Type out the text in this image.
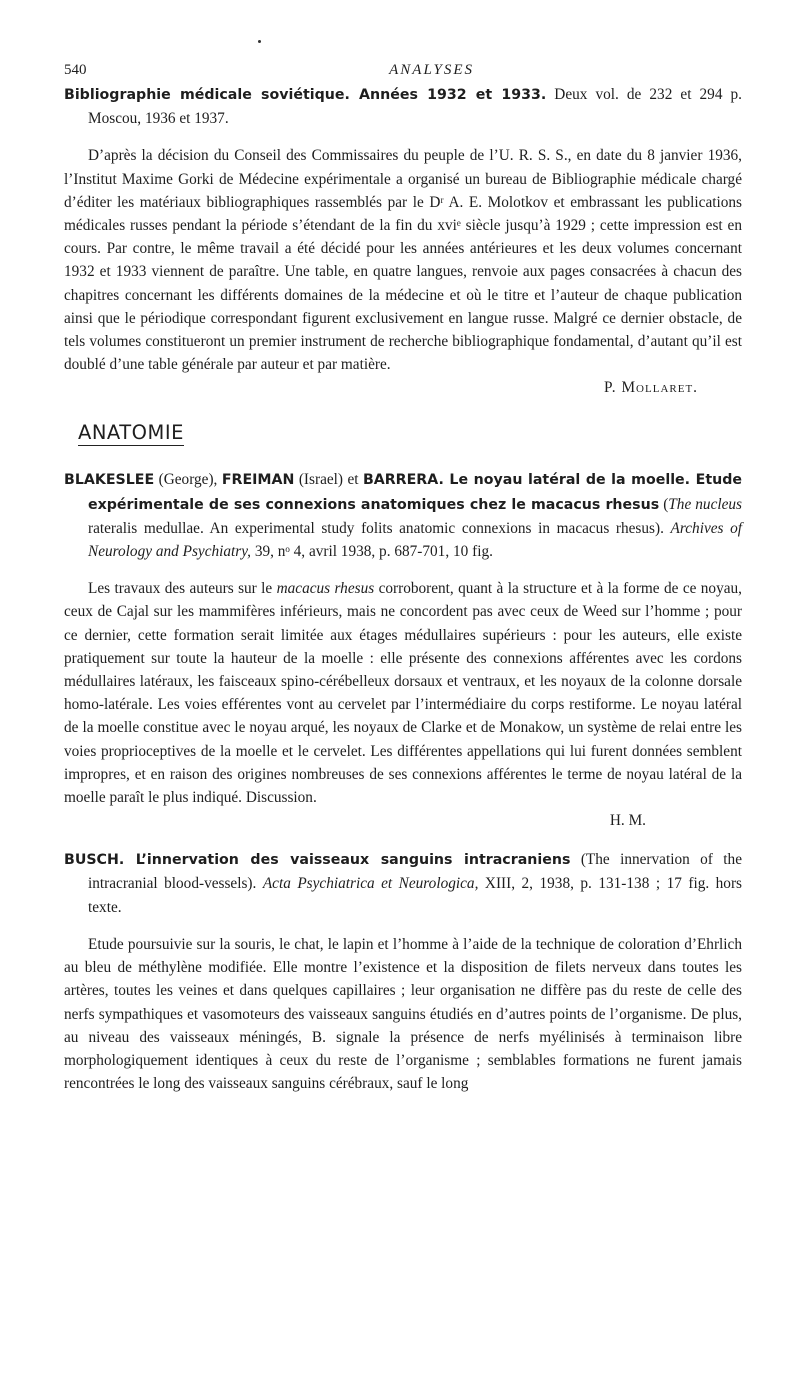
540	ANALYSES

Bibliographie médicale soviétique. Années 1932 et 1933. Deux vol. de 232 et 294 p. Moscou, 1936 et 1937.

D’après la décision du Conseil des Commissaires du peuple de l’U. R. S. S., en date du 8 janvier 1936, l’Institut Maxime Gorki de Médecine expérimentale a organisé un bureau de Bibliographie médicale chargé d’éditer les matériaux bibliographiques rassemblés par le Dʳ A. E. Molotkov et embrassant les publications médicales russes pendant la période s’étendant de la fin du xviᵉ siècle jusqu’à 1929 ; cette impression est en cours. Par contre, le même travail a été décidé pour les années antérieures et les deux volumes concernant 1932 et 1933 viennent de paraître. Une table, en quatre langues, renvoie aux pages consacrées à chacun des chapitres concernant les différents domaines de la médecine et où le titre et l’auteur de chaque publication ainsi que le périodique correspondant figurent exclusivement en langue russe. Malgré ce dernier obstacle, de tels volumes constitueront un premier instrument de recherche bibliographique fondamental, d’autant qu’il est doublé d’une table générale par auteur et par matière.

P. Mollaret.
ANATOMIE

BLAKESLEE (George), FREIMAN (Israel) et BARRERA. Le noyau latéral de la moelle. Etude expérimentale de ses connexions anatomiques chez le macacus rhesus (The nucleus rateralis medullae. An experimental study folits anatomic connexions in macacus rhesus). Archives of Neurology and Psychiatry, 39, nᵒ 4, avril 1938, p. 687-701, 10 fig.

Les travaux des auteurs sur le macacus rhesus corroborent, quant à la structure et à la forme de ce noyau, ceux de Cajal sur les mammifères inférieurs, mais ne concordent pas avec ceux de Weed sur l’homme ; pour ce dernier, cette formation serait limitée aux étages médullaires supérieurs : pour les auteurs, elle existe pratiquement sur toute la hauteur de la moelle : elle présente des connexions afférentes avec les cordons médullaires latéraux, les faisceaux spino-cérébelleux dorsaux et ventraux, et les noyaux de la colonne dorsale homo-latérale. Les voies efférentes vont au cervelet par l’intermédiaire du corps restiforme. Le noyau latéral de la moelle constitue avec le noyau arqué, les noyaux de Clarke et de Monakow, un système de relai entre les voies proprioceptives de la moelle et le cervelet. Les différentes appellations qui lui furent données semblent impropres, et en raison des origines nombreuses de ses connexions afférentes le terme de noyau latéral de la moelle paraît le plus indiqué. Discussion.

H. M.

BUSCH. L’innervation des vaisseaux sanguins intracraniens (The innervation of the intracranial blood-vessels). Acta Psychiatrica et Neurologica, XIII, 2, 1938, p. 131-138 ; 17 fig. hors texte.

Etude poursuivie sur la souris, le chat, le lapin et l’homme à l’aide de la technique de coloration d’Ehrlich au bleu de méthylène modifiée. Elle montre l’existence et la disposition de filets nerveux dans toutes les artères, toutes les veines et dans quelques capillaires ; leur organisation ne diffère pas du reste de celle des nerfs sympathiques et vasomoteurs des vaisseaux sanguins étudiés en d’autres points de l’organisme. De plus, au niveau des vaisseaux méningés, B. signale la présence de nerfs myélinisés à terminaison libre morphologiquement identiques à ceux du reste de l’organisme ; semblables formations ne furent jamais rencontrées le long des vaisseaux sanguins cérébraux, sauf le long
